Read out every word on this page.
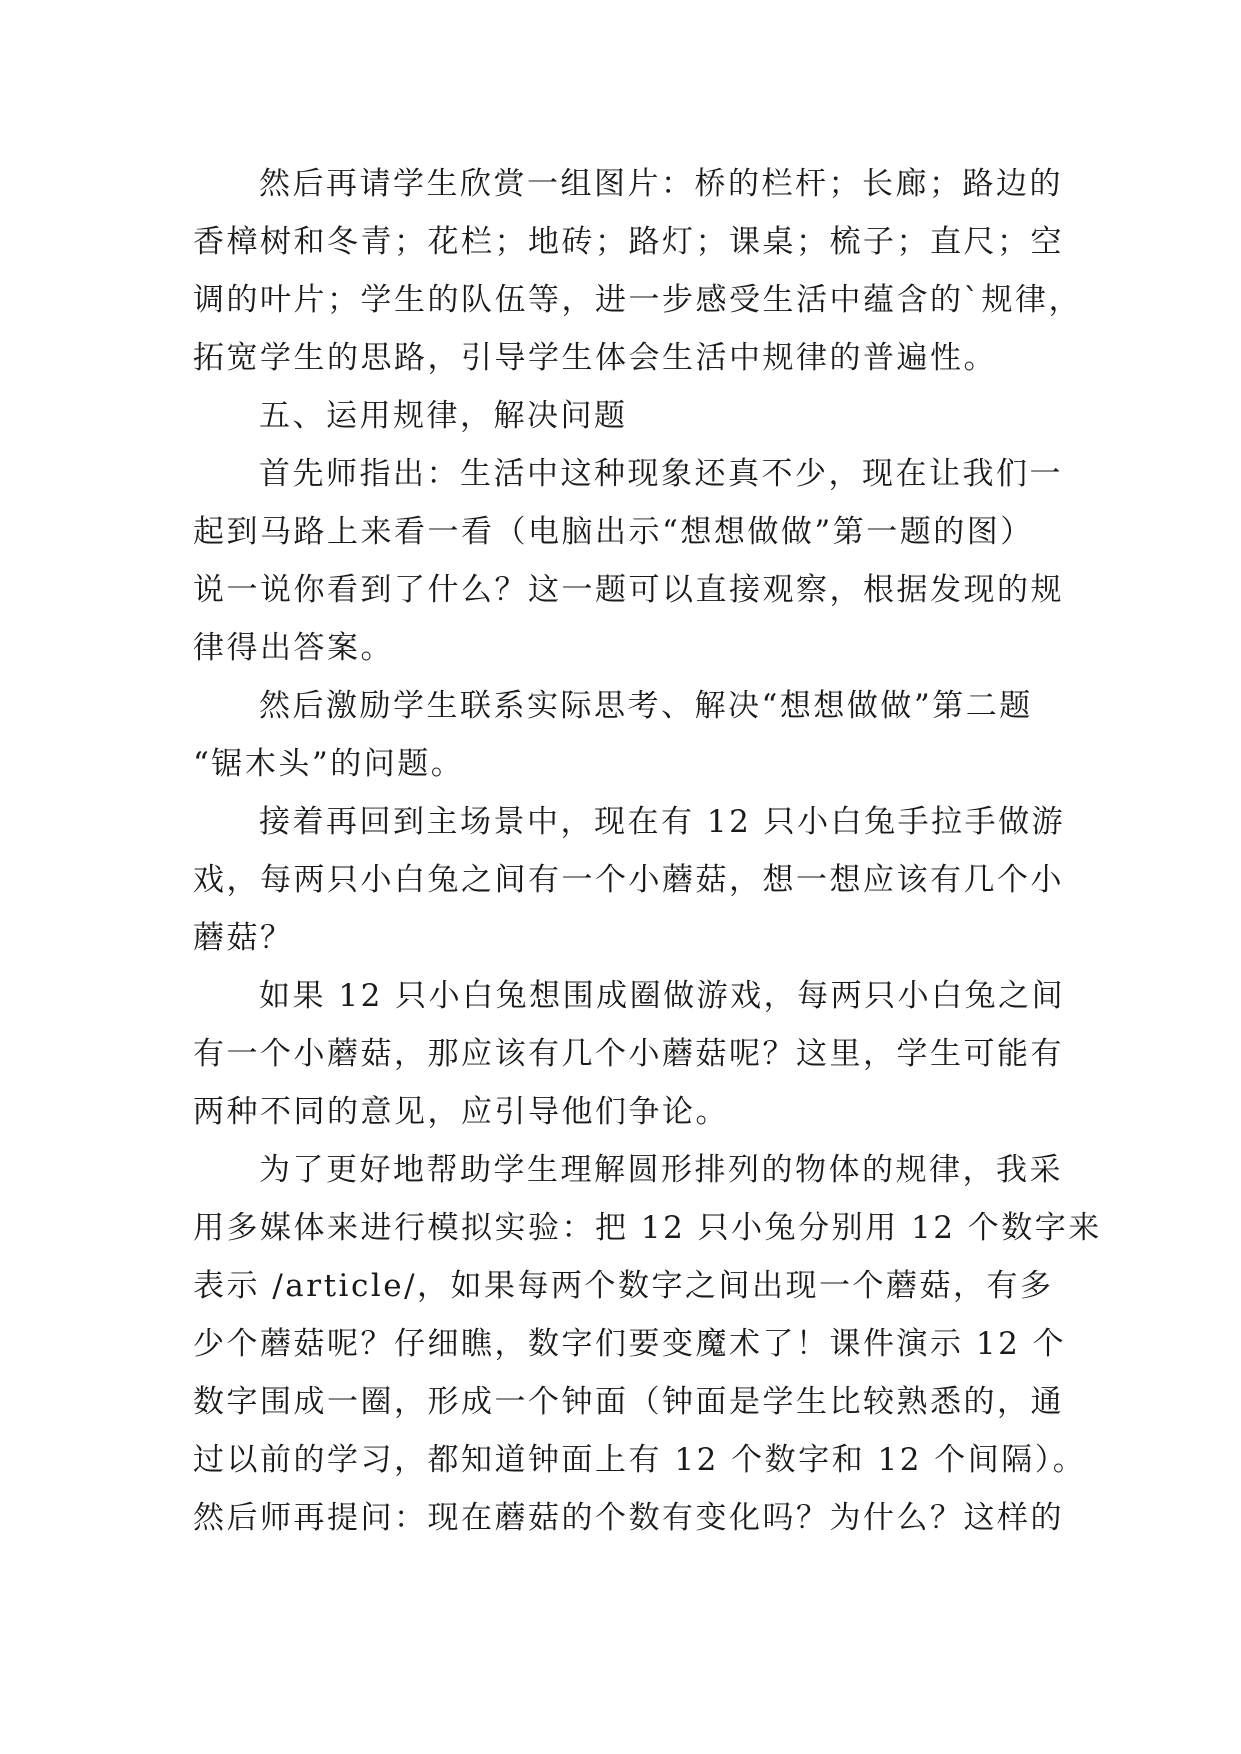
然后再请学生欣赏一组图片：桥的栏杆；长廊；路边的
香樟树和冬青；花栏；地砖；路灯；课桌；梳子；直尺；空
调的叶片；学生的队伍等，进一步感受生活中蕴含的`规律，
拓宽学生的思路，引导学生体会生活中规律的普遍性。
五、运用规律，解决问题
首先师指出：生活中这种现象还真不少，现在让我们一
起到马路上来看一看（电脑出示“想想做做”第一题的图）
说一说你看到了什么？这一题可以直接观察，根据发现的规
律得出答案。
然后激励学生联系实际思考、解决“想想做做”第二题
“锯木头”的问题。
接着再回到主场景中，现在有 12 只小白兔手拉手做游
戏，每两只小白兔之间有一个小蘑菇，想一想应该有几个小
蘑菇？
如果 12 只小白兔想围成圈做游戏，每两只小白兔之间
有一个小蘑菇，那应该有几个小蘑菇呢？这里，学生可能有
两种不同的意见，应引导他们争论。
为了更好地帮助学生理解圆形排列的物体的规律，我采
用多媒体来进行模拟实验：把 12 只小兔分别用 12 个数字来
表示 /article/，如果每两个数字之间出现一个蘑菇，有多
少个蘑菇呢？仔细瞧，数字们要变魔术了！课件演示 12 个
数字围成一圈，形成一个钟面（钟面是学生比较熟悉的，通
过以前的学习，都知道钟面上有 12 个数字和 12 个间隔）。
然后师再提问：现在蘑菇的个数有变化吗？为什么？这样的
